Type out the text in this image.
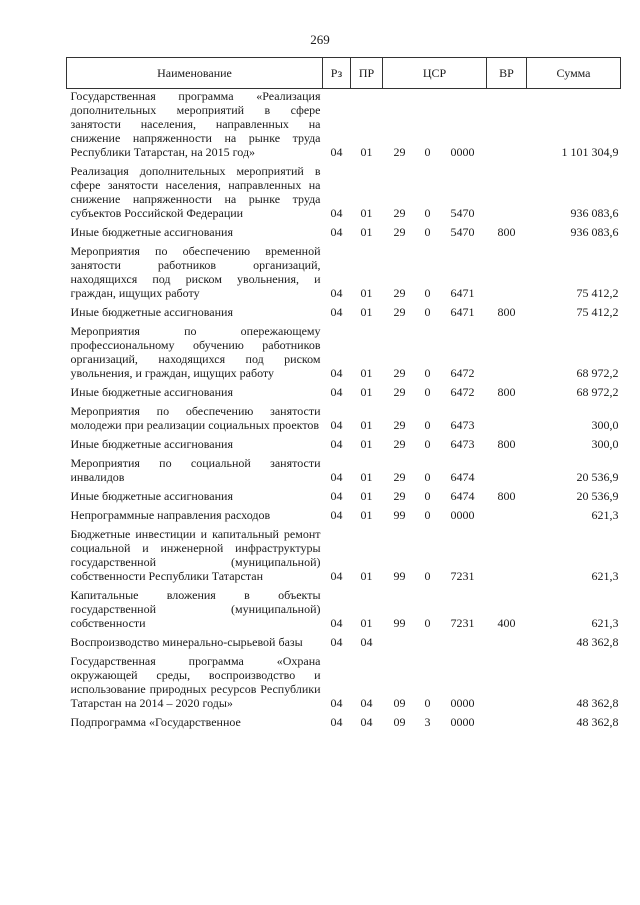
269
Наименование	Рз	ПР	ЦСР			ВР	Сумма
Государственная программа «Реализация дополнительных мероприятий в сфере занятости населения, направленных на снижение напряженности на рынке труда Республики Татарстан, на 2015 год»	04	01	29	0	0000		1 101 304,9

Реализация дополнительных мероприятий в сфере занятости населения, направленных на снижение напряженности на рынке труда субъектов Российской Федерации	04	01	29	0	5470		936 083,6

Иные бюджетные ассигнования	04	01	29	0	5470	800	936 083,6

Мероприятия по обеспечению временной занятости работников организаций, находящихся под риском увольнения, и граждан, ищущих работу	04	01	29	0	6471		75 412,2

Иные бюджетные ассигнования	04	01	29	0	6471	800	75 412,2

Мероприятия по опережающему профессиональному обучению работников организаций, находящихся под риском увольнения, и граждан, ищущих работу	04	01	29	0	6472		68 972,2

Иные бюджетные ассигнования	04	01	29	0	6472	800	68 972,2

Мероприятия по обеспечению занятости молодежи при реализации социальных проектов	04	01	29	0	6473		300,0

Иные бюджетные ассигнования	04	01	29	0	6473	800	300,0

Мероприятия по социальной занятости инвалидов	04	01	29	0	6474		20 536,9

Иные бюджетные ассигнования	04	01	29	0	6474	800	20 536,9

Непрограммные направления расходов	04	01	99	0	0000		621,3

Бюджетные инвестиции и капитальный ремонт социальной и инженерной инфраструктуры государственной (муниципальной) собственности Республики Татарстан	04	01	99	0	7231		621,3

Капитальные вложения в объекты государственной (муниципальной) собственности	04	01	99	0	7231	400	621,3

Воспроизводство минерально-сырьевой базы	04	04					48 362,8

Государственная программа «Охрана окружающей среды, воспроизводство и использование природных ресурсов Республики Татарстан на 2014 – 2020 годы»	04	04	09	0	0000		48 362,8

Подпрограмма «Государственное	04	04	09	3	0000		48 362,8
